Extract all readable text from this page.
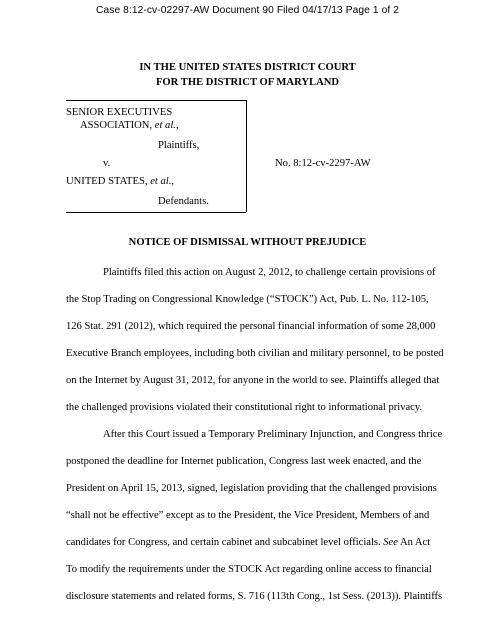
Case 8:12-cv-02297-AW Document 90 Filed 04/17/13 Page 1 of 2
IN THE UNITED STATES DISTRICT COURT
FOR THE DISTRICT OF MARYLAND
SENIOR EXECUTIVES
ASSOCIATION, et al.,
Plaintiffs,
v.	No. 8:12-cv-2297-AW
UNITED STATES, et al.,
Defendants.
NOTICE OF DISMISSAL WITHOUT PREJUDICE
Plaintiffs filed this action on August 2, 2012, to challenge certain provisions of
the Stop Trading on Congressional Knowledge (“STOCK”) Act, Pub. L. No. 112-105,
126 Stat. 291 (2012), which required the personal financial information of some 28,000
Executive Branch employees, including both civilian and military personnel, to be posted
on the Internet by August 31, 2012, for anyone in the world to see. Plaintiffs alleged that
the challenged provisions violated their constitutional right to informational privacy.
After this Court issued a Temporary Preliminary Injunction, and Congress thrice
postponed the deadline for Internet publication, Congress last week enacted, and the
President on April 15, 2013, signed, legislation providing that the challenged provisions
“shall not be effective” except as to the President, the Vice President, Members of and
candidates for Congress, and certain cabinet and subcabinet level officials. See An Act
To modify the requirements under the STOCK Act regarding online access to financial
disclosure statements and related forms, S. 716 (113th Cong., 1st Sess. (2013)). Plaintiffs
